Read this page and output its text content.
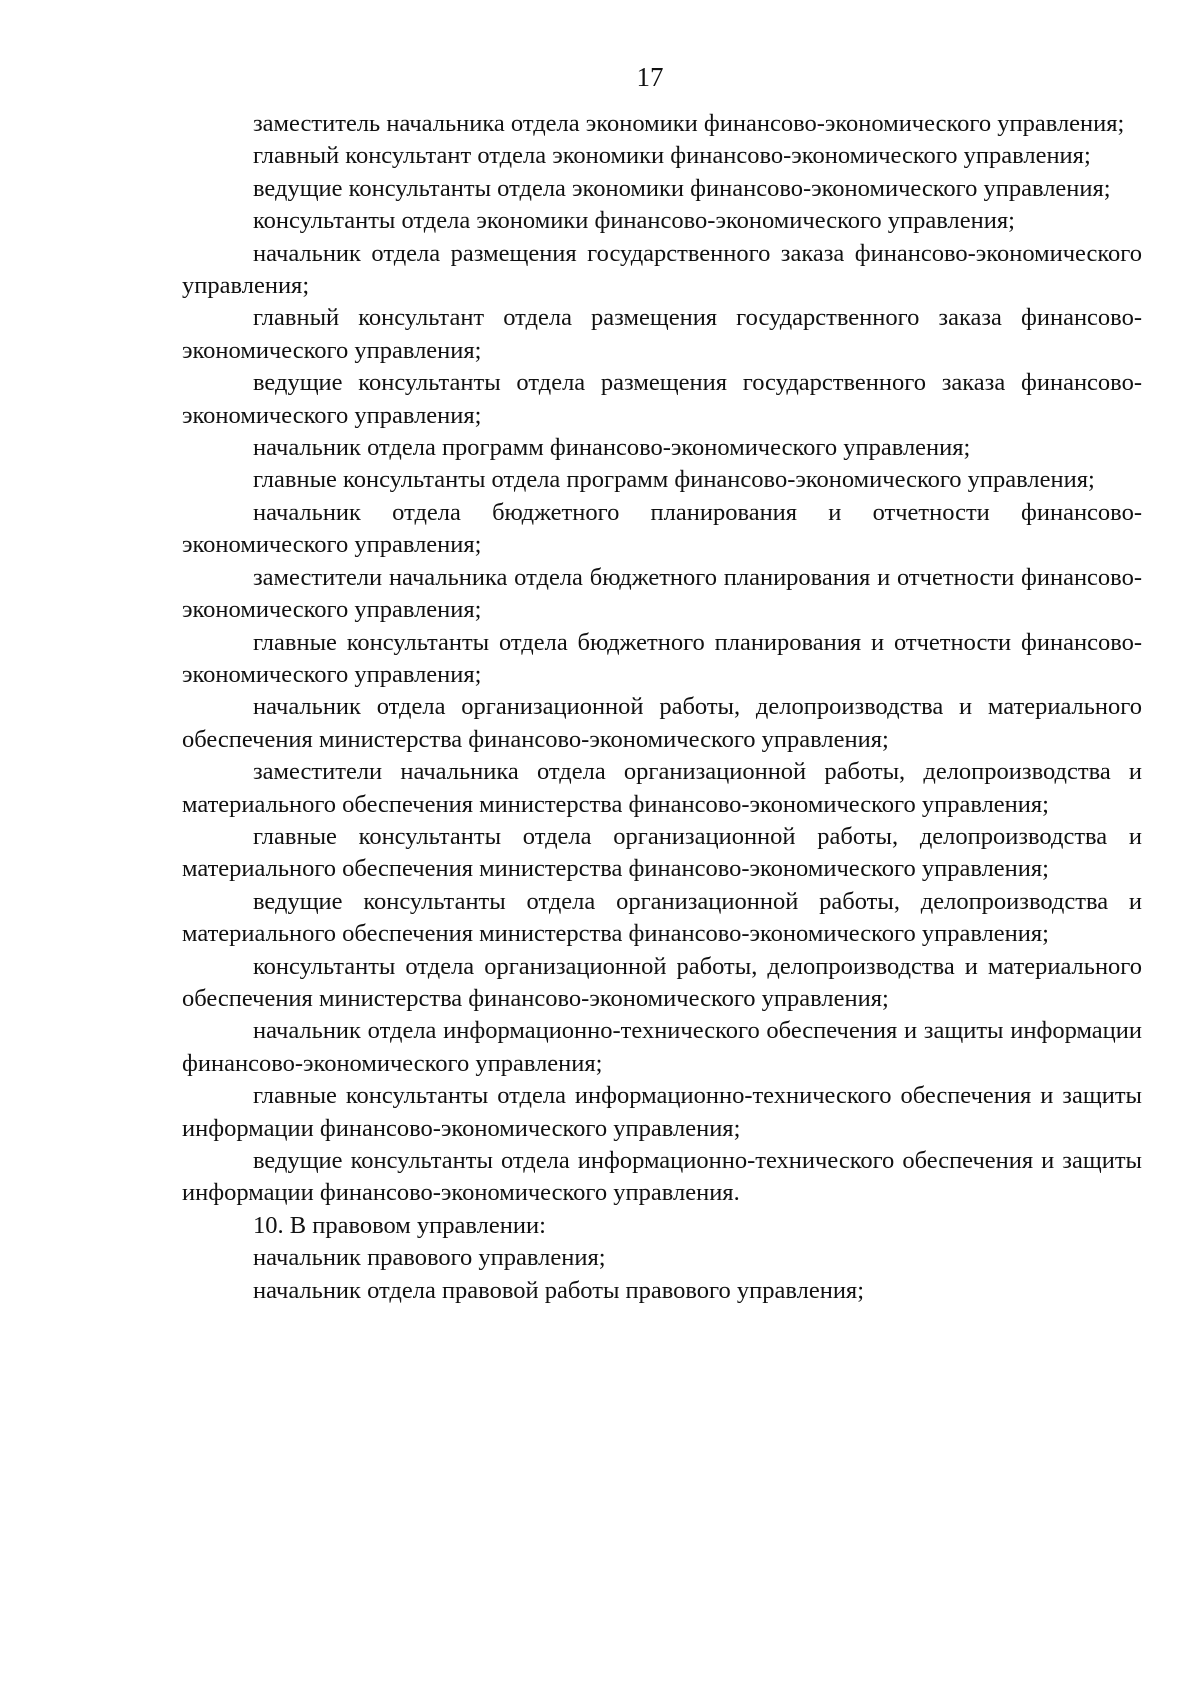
17

заместитель начальника отдела экономики финансово-экономического управления;

главный консультант отдела экономики финансово-экономического управления;

ведущие консультанты отдела экономики финансово-экономического управления;

консультанты отдела экономики финансово-экономического управления;

начальник отдела размещения государственного заказа финансово-экономического управления;

главный консультант отдела размещения государственного заказа финансово-экономического управления;

ведущие консультанты отдела размещения государственного заказа финансово-экономического управления;

начальник отдела программ финансово-экономического управления;

главные консультанты отдела программ финансово-экономического управления;

начальник отдела бюджетного планирования и отчетности финансово-экономического управления;

заместители начальника отдела бюджетного планирования и отчетности финансово-экономического управления;

главные консультанты отдела бюджетного планирования и отчетности финансово-экономического управления;

начальник отдела организационной работы, делопроизводства и материального обеспечения министерства финансово-экономического управления;

заместители начальника отдела организационной работы, делопроизводства и материального обеспечения министерства финансово-экономического управления;

главные консультанты отдела организационной работы, делопроизводства и материального обеспечения министерства финансово-экономического управления;

ведущие консультанты отдела организационной работы, делопроизводства и материального обеспечения министерства финансово-экономического управления;

консультанты отдела организационной работы, делопроизводства и материального обеспечения министерства финансово-экономического управления;

начальник отдела информационно-технического обеспечения и защиты информации финансово-экономического управления;

главные консультанты отдела информационно-технического обеспечения и защиты информации финансово-экономического управления;

ведущие консультанты отдела информационно-технического обеспечения и защиты информации финансово-экономического управления.

10. В правовом управлении:

начальник правового управления;

начальник отдела правовой работы правового управления;
